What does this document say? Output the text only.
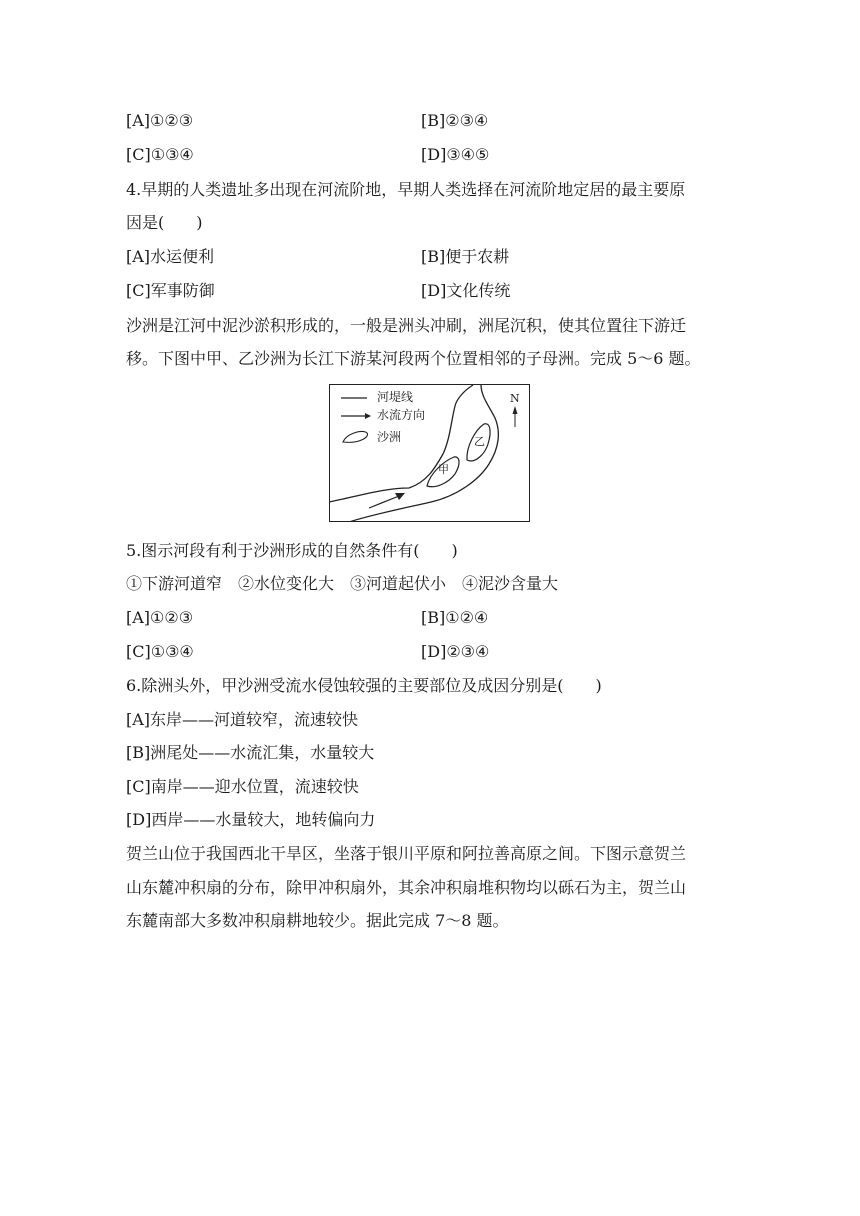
[A]①②③	[B]②③④
[C]①③④	[D]③④⑤
4.早期的人类遗址多出现在河流阶地，早期人类选择在河流阶地定居的最主要原
因是(　　)
[A]水运便利	[B]便于农耕
[C]军事防御	[D]文化传统
沙洲是江河中泥沙淤积形成的，一般是洲头冲刷，洲尾沉积，使其位置往下游迁
移。下图中甲、乙沙洲为长江下游某河段两个位置相邻的子母洲。完成 5～6 题。
河堤线
水流方向
沙洲
N
甲
乙
5.图示河段有利于沙洲形成的自然条件有(　　)
①下游河道窄　②水位变化大　③河道起伏小　④泥沙含量大
[A]①②③	[B]①②④
[C]①③④	[D]②③④
6.除洲头外，甲沙洲受流水侵蚀较强的主要部位及成因分别是(　　)
[A]东岸——河道较窄，流速较快
[B]洲尾处——水流汇集，水量较大
[C]南岸——迎水位置，流速较快
[D]西岸——水量较大，地转偏向力
贺兰山位于我国西北干旱区，坐落于银川平原和阿拉善高原之间。下图示意贺兰
山东麓冲积扇的分布，除甲冲积扇外，其余冲积扇堆积物均以砾石为主，贺兰山
东麓南部大多数冲积扇耕地较少。据此完成 7～8 题。
